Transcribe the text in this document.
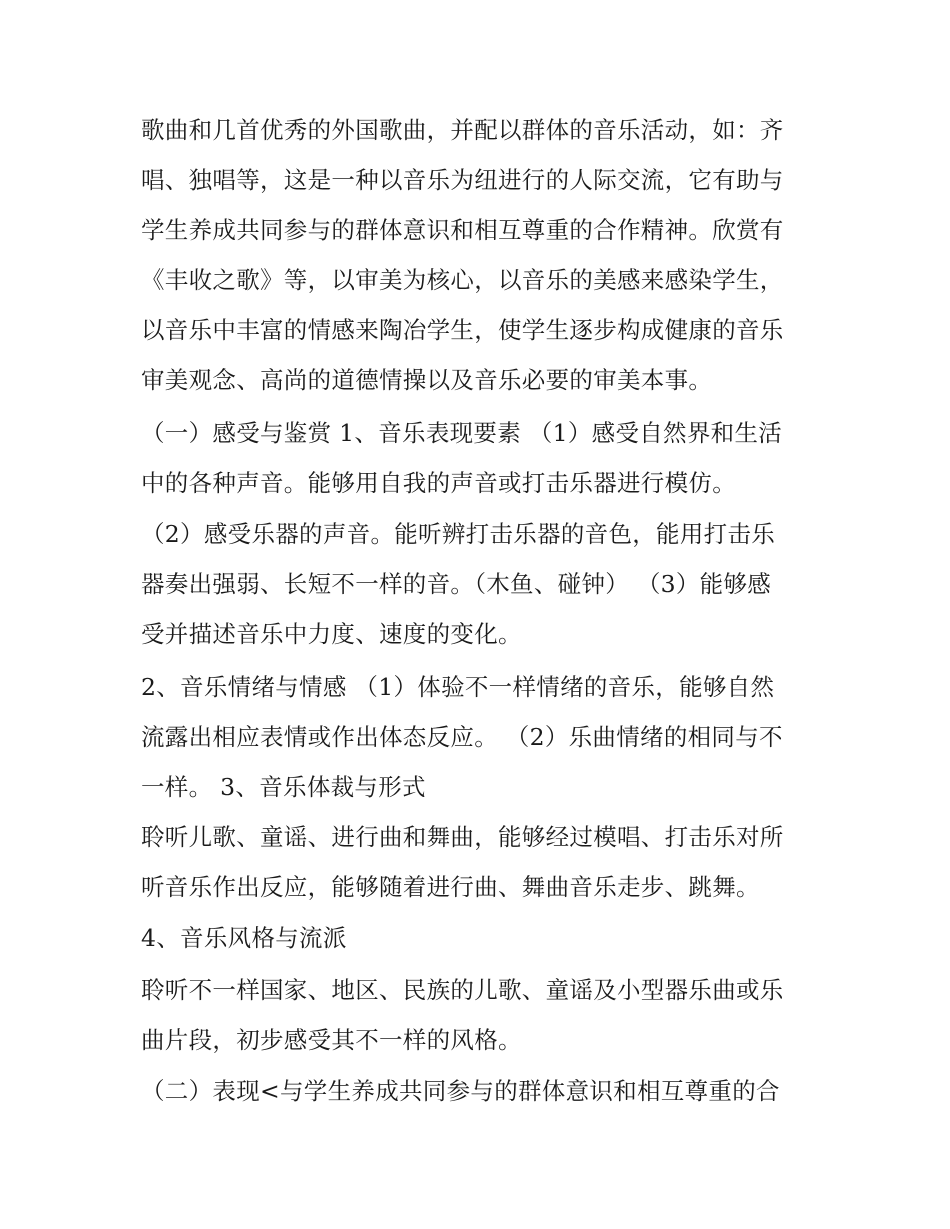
歌曲和几首优秀的外国歌曲，并配以群体的音乐活动，如：齐
唱、独唱等，这是一种以音乐为纽进行的人际交流，它有助与
学生养成共同参与的群体意识和相互尊重的合作精神。欣赏有
《丰收之歌》等，以审美为核心，以音乐的美感来感染学生，
以音乐中丰富的情感来陶冶学生，使学生逐步构成健康的音乐
审美观念、高尚的道德情操以及音乐必要的审美本事。
（一）感受与鉴赏 1、音乐表现要素 （1）感受自然界和生活
中的各种声音。能够用自我的声音或打击乐器进行模仿。
（2）感受乐器的声音。能听辨打击乐器的音色，能用打击乐
器奏出强弱、长短不一样的音。（木鱼、碰钟） （3）能够感
受并描述音乐中力度、速度的变化。
2、音乐情绪与情感 （1）体验不一样情绪的音乐，能够自然
流露出相应表情或作出体态反应。 （2）乐曲情绪的相同与不
一样。 3、音乐体裁与形式
聆听儿歌、童谣、进行曲和舞曲，能够经过模唱、打击乐对所
听音乐作出反应，能够随着进行曲、舞曲音乐走步、跳舞。
4、音乐风格与流派
聆听不一样国家、地区、民族的儿歌、童谣及小型器乐曲或乐
曲片段，初步感受其不一样的风格。
（二）表现<与学生养成共同参与的群体意识和相互尊重的合
